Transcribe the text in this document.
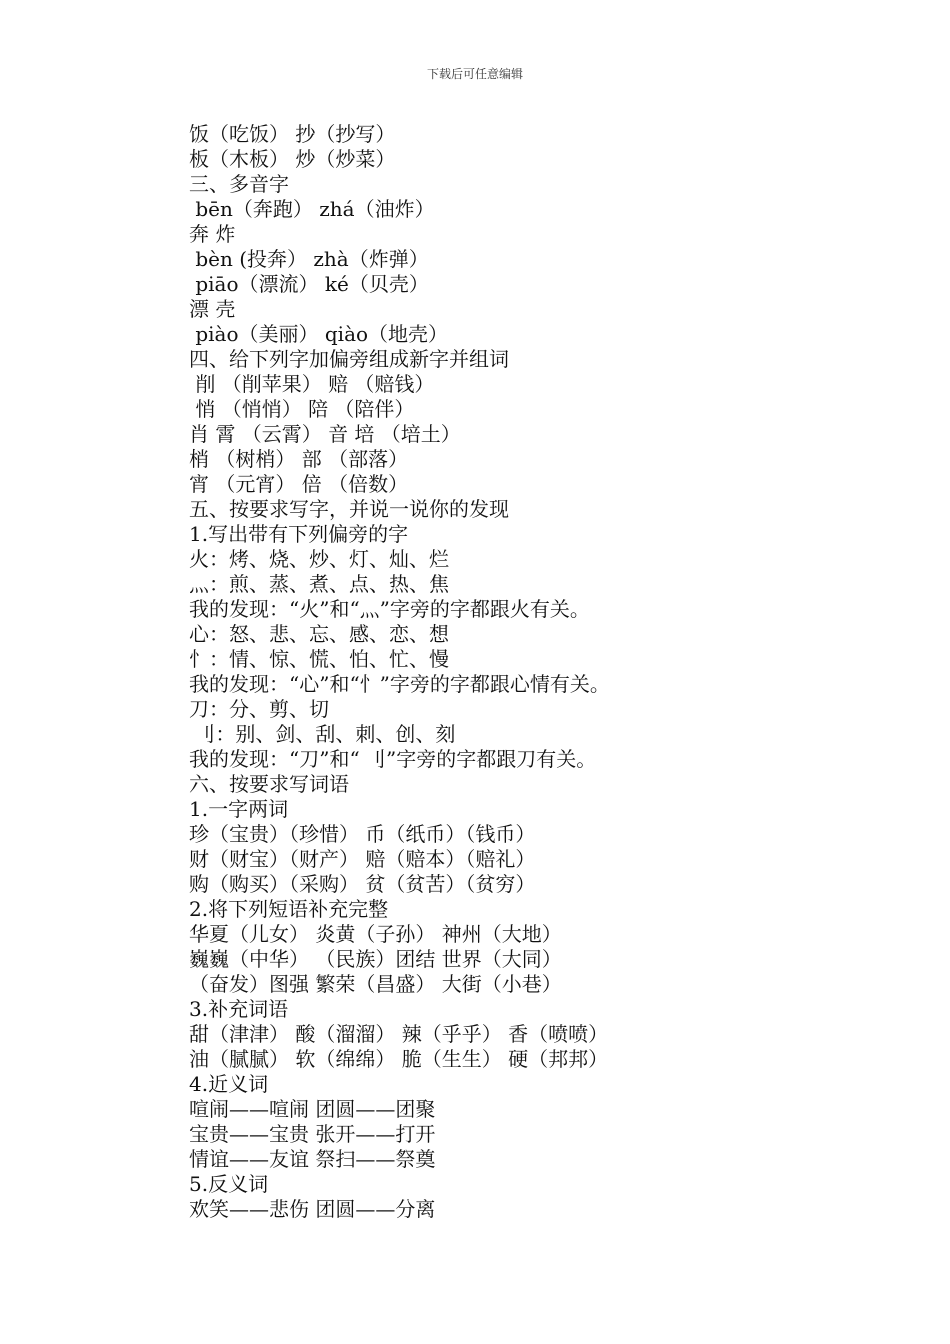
下载后可任意编辑
饭（吃饭） 抄（抄写）
板（木板） 炒（炒菜）
三、多音字
bēn（奔跑） zhá（油炸）
奔 炸
bèn (投奔） zhà（炸弹）
piāo（漂流） ké（贝壳）
漂 壳
piào（美丽） qiào（地壳）
四、给下列字加偏旁组成新字并组词
削 （削苹果） 赔 （赔钱）
悄 （悄悄） 陪 （陪伴）
肖 霄 （云霄） 音 培 （培土）
梢 （树梢） 部 （部落）
宵 （元宵） 倍 （倍数）
五、按要求写字，并说一说你的发现
1.写出带有下列偏旁的字
火：烤、烧、炒、灯、灿、烂
灬：煎、蒸、煮、点、热、焦
我的发现：“火”和“灬”字旁的字都跟火有关。
心：怒、悲、忘、感、恋、想
忄：情、惊、慌、怕、忙、慢
我的发现：“心”和“忄”字旁的字都跟心情有关。
刀：分、剪、切
刂：别、剑、刮、刺、创、刻
我的发现：“刀”和“ 刂”字旁的字都跟刀有关。
六、按要求写词语
1.一字两词
珍（宝贵）（珍惜） 币（纸币）（钱币）
财（财宝）（财产） 赔（赔本）（赔礼）
购（购买）（采购） 贫（贫苦）（贫穷）
2.将下列短语补充完整
华夏（儿女） 炎黄（子孙） 神州（大地）
巍巍（中华） （民族）团结 世界（大同）
（奋发）图强 繁荣（昌盛） 大街（小巷）
3.补充词语
甜（津津） 酸（溜溜） 辣（乎乎） 香（喷喷）
油（腻腻） 软（绵绵） 脆（生生） 硬（邦邦）
4.近义词
喧闹——喧闹 团圆——团聚
宝贵——宝贵 张开——打开
情谊——友谊 祭扫——祭奠
5.反义词
欢笑——悲伤 团圆——分离
